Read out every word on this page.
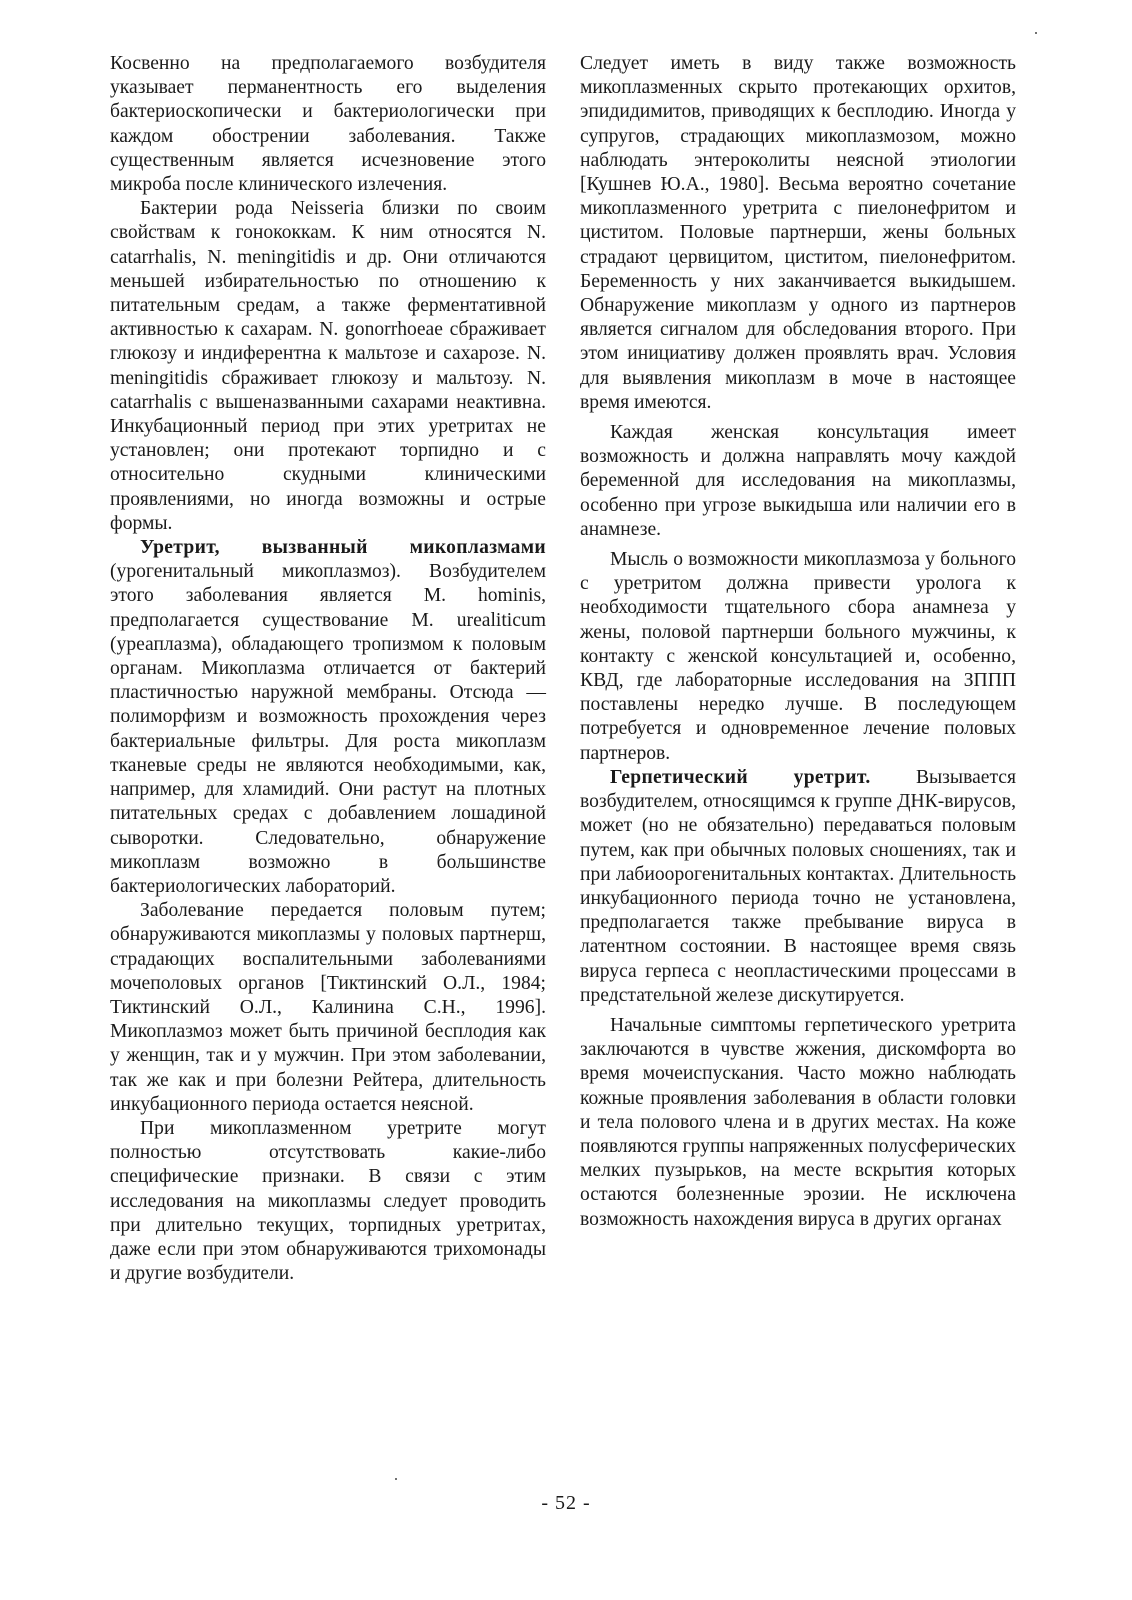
Косвенно на предполагаемого возбудителя указывает перманентность его выделения бактериоскопически и бактериологически при каждом обострении заболевания. Также существенным является исчезновение этого микроба после клинического излечения.

Бактерии рода Neisseria близки по своим свойствам к гонококкам. К ним относятся N. catarrhalis, N. meningitidis и др. Они отличаются меньшей избирательностью по отношению к питательным средам, а также ферментативной активностью к сахарам. N. gonorrhoeae сбраживает глюкозу и индиферентна к мальтозе и сахарозе. N. meningitidis сбраживает глюкозу и мальтозу. N. catarrhalis с вышеназванными сахарами неактивна. Инкубационный период при этих уретритах не установлен; они протекают торпидно и с относительно скудными клиническими проявлениями, но иногда возможны и острые формы.

Уретрит, вызванный микоплазмами (урогенитальный микоплазмоз). Возбудителем этого заболевания является M. hominis, предполагается существование M. urealiticum (уреаплазма), обладающего тропизмом к половым органам. Микоплазма отличается от бактерий пластичностью наружной мембраны. Отсюда — полиморфизм и возможность прохождения через бактериальные фильтры. Для роста микоплазм тканевые среды не являются необходимыми, как, например, для хламидий. Они растут на плотных питательных средах с добавлением лошадиной сыворотки. Следовательно, обнаружение микоплазм возможно в большинстве бактериологических лабораторий.

Заболевание передается половым путем; обнаруживаются микоплазмы у половых партнерш, страдающих воспалительными заболеваниями мочеполовых органов [Тиктинский О.Л., 1984; Тиктинский О.Л., Калинина С.Н., 1996]. Микоплазмоз может быть причиной бесплодия как у женщин, так и у мужчин. При этом заболевании, так же как и при болезни Рейтера, длительность инкубационного периода остается неясной.

При микоплазменном уретрите могут полностью отсутствовать какие-либо специфические признаки. В связи с этим исследования на микоплазмы следует проводить при длительно текущих, торпидных уретритах, даже если при этом обнаруживаются трихомонады и другие возбудители.

Следует иметь в виду также возможность микоплазменных скрыто протекающих орхитов, эпидидимитов, приводящих к бесплодию. Иногда у супругов, страдающих микоплазмозом, можно наблюдать энтероколиты неясной этиологии [Кушнев Ю.А., 1980]. Весьма вероятно сочетание микоплазменного уретрита с пиелонефритом и циститом. Половые партнерши, жены больных страдают цервицитом, циститом, пиелонефритом. Беременность у них заканчивается выкидышем. Обнаружение микоплазм у одного из партнеров является сигналом для обследования второго. При этом инициативу должен проявлять врач. Условия для выявления микоплазм в моче в настоящее время имеются.

Каждая женская консультация имеет возможность и должна направлять мочу каждой беременной для исследования на микоплазмы, особенно при угрозе выкидыша или наличии его в анамнезе.

Мысль о возможности микоплазмоза у больного с уретритом должна привести уролога к необходимости тщательного сбора анамнеза у жены, половой партнерши больного мужчины, к контакту с женской консультацией и, особенно, КВД, где лабораторные исследования на ЗППП поставлены нередко лучше. В последующем потребуется и одновременное лечение половых партнеров.

Герпетический уретрит. Вызывается возбудителем, относящимся к группе ДНК-вирусов, может (но не обязательно) передаваться половым путем, как при обычных половых сношениях, так и при лабиоорогенитальных контактах. Длительность инкубационного периода точно не установлена, предполагается также пребывание вируса в латентном состоянии. В настоящее время связь вируса герпеса с неопластическими процессами в предстательной железе дискутируется.

Начальные симптомы герпетического уретрита заключаются в чувстве жжения, дискомфорта во время мочеиспускания. Часто можно наблюдать кожные проявления заболевания в области головки и тела полового члена и в других местах. На коже появляются группы напряженных полусферических мелких пузырьков, на месте вскрытия которых остаются болезненные эрозии. Не исключена возможность нахождения вируса в других органах

- 52 -
